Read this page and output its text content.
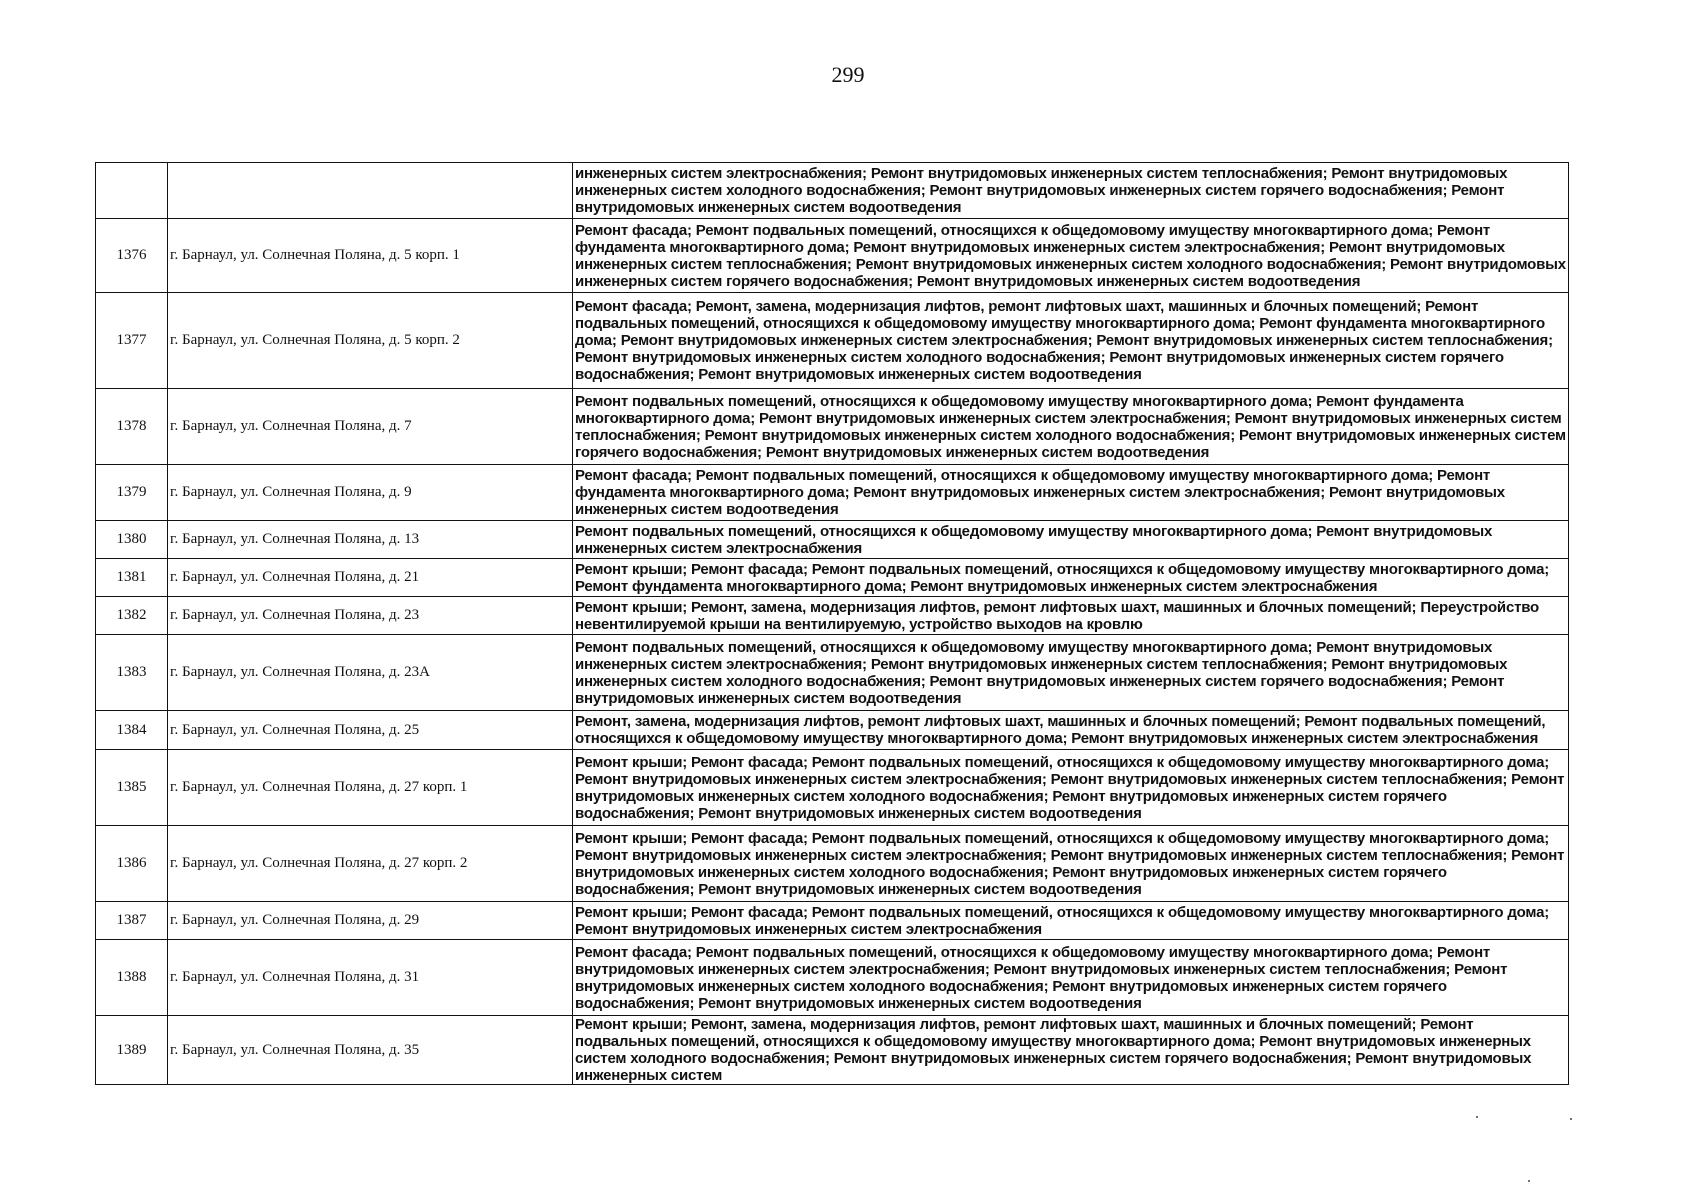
299
		инженерных систем электроснабжения; Ремонт внутридомовых инженерных систем теплоснабжения; Ремонт внутридомовых инженерных систем холодного водоснабжения; Ремонт внутридомовых инженерных систем горячего водоснабжения; Ремонт внутридомовых инженерных систем водоотведения
1376	г. Барнаул, ул. Солнечная Поляна, д. 5 корп. 1	Ремонт фасада; Ремонт подвальных помещений, относящихся к общедомовому имуществу многоквартирного дома; Ремонт фундамента многоквартирного дома; Ремонт внутридомовых инженерных систем электроснабжения; Ремонт внутридомовых инженерных систем теплоснабжения; Ремонт внутридомовых инженерных систем холодного водоснабжения; Ремонт внутридомовых инженерных систем горячего водоснабжения; Ремонт внутридомовых инженерных систем водоотведения
1377	г. Барнаул, ул. Солнечная Поляна, д. 5 корп. 2	Ремонт фасада; Ремонт, замена, модернизация лифтов, ремонт лифтовых шахт, машинных и блочных помещений; Ремонт подвальных помещений, относящихся к общедомовому имуществу многоквартирного дома; Ремонт фундамента многоквартирного дома; Ремонт внутридомовых инженерных систем электроснабжения; Ремонт внутридомовых инженерных систем теплоснабжения; Ремонт внутридомовых инженерных систем холодного водоснабжения; Ремонт внутридомовых инженерных систем горячего водоснабжения; Ремонт внутридомовых инженерных систем водоотведения
1378	г. Барнаул, ул. Солнечная Поляна, д. 7	Ремонт подвальных помещений, относящихся к общедомовому имуществу многоквартирного дома; Ремонт фундамента многоквартирного дома; Ремонт внутридомовых инженерных систем электроснабжения; Ремонт внутридомовых инженерных систем теплоснабжения; Ремонт внутридомовых инженерных систем холодного водоснабжения; Ремонт внутридомовых инженерных систем горячего водоснабжения; Ремонт внутридомовых инженерных систем водоотведения
1379	г. Барнаул, ул. Солнечная Поляна, д. 9	Ремонт фасада; Ремонт подвальных помещений, относящихся к общедомовому имуществу многоквартирного дома; Ремонт фундамента многоквартирного дома; Ремонт внутридомовых инженерных систем электроснабжения; Ремонт внутридомовых инженерных систем водоотведения
1380	г. Барнаул, ул. Солнечная Поляна, д. 13	Ремонт подвальных помещений, относящихся к общедомовому имуществу многоквартирного дома; Ремонт внутридомовых инженерных систем электроснабжения
1381	г. Барнаул, ул. Солнечная Поляна, д. 21	Ремонт крыши; Ремонт фасада; Ремонт подвальных помещений, относящихся к общедомовому имуществу многоквартирного дома; Ремонт фундамента многоквартирного дома; Ремонт внутридомовых инженерных систем электроснабжения
1382	г. Барнаул, ул. Солнечная Поляна, д. 23	Ремонт крыши; Ремонт, замена, модернизация лифтов, ремонт лифтовых шахт, машинных и блочных помещений; Переустройство невентилируемой крыши на вентилируемую, устройство выходов на кровлю
1383	г. Барнаул, ул. Солнечная Поляна, д. 23А	Ремонт подвальных помещений, относящихся к общедомовому имуществу многоквартирного дома; Ремонт внутридомовых инженерных систем электроснабжения; Ремонт внутридомовых инженерных систем теплоснабжения; Ремонт внутридомовых инженерных систем холодного водоснабжения; Ремонт внутридомовых инженерных систем горячего водоснабжения; Ремонт внутридомовых инженерных систем водоотведения
1384	г. Барнаул, ул. Солнечная Поляна, д. 25	Ремонт, замена, модернизация лифтов, ремонт лифтовых шахт, машинных и блочных помещений; Ремонт подвальных помещений, относящихся к общедомовому имуществу многоквартирного дома; Ремонт внутридомовых инженерных систем электроснабжения
1385	г. Барнаул, ул. Солнечная Поляна, д. 27 корп. 1	Ремонт крыши; Ремонт фасада; Ремонт подвальных помещений, относящихся к общедомовому имуществу многоквартирного дома; Ремонт внутридомовых инженерных систем электроснабжения; Ремонт внутридомовых инженерных систем теплоснабжения; Ремонт внутридомовых инженерных систем холодного водоснабжения; Ремонт внутридомовых инженерных систем горячего водоснабжения; Ремонт внутридомовых инженерных систем водоотведения
1386	г. Барнаул, ул. Солнечная Поляна, д. 27 корп. 2	Ремонт крыши; Ремонт фасада; Ремонт подвальных помещений, относящихся к общедомовому имуществу многоквартирного дома; Ремонт внутридомовых инженерных систем электроснабжения; Ремонт внутридомовых инженерных систем теплоснабжения; Ремонт внутридомовых инженерных систем холодного водоснабжения; Ремонт внутридомовых инженерных систем горячего водоснабжения; Ремонт внутридомовых инженерных систем водоотведения
1387	г. Барнаул, ул. Солнечная Поляна, д. 29	Ремонт крыши; Ремонт фасада; Ремонт подвальных помещений, относящихся к общедомовому имуществу многоквартирного дома; Ремонт внутридомовых инженерных систем электроснабжения
1388	г. Барнаул, ул. Солнечная Поляна, д. 31	Ремонт фасада; Ремонт подвальных помещений, относящихся к общедомовому имуществу многоквартирного дома; Ремонт внутридомовых инженерных систем электроснабжения; Ремонт внутридомовых инженерных систем теплоснабжения; Ремонт внутридомовых инженерных систем холодного водоснабжения; Ремонт внутридомовых инженерных систем горячего водоснабжения; Ремонт внутридомовых инженерных систем водоотведения
1389	г. Барнаул, ул. Солнечная Поляна, д. 35	Ремонт крыши; Ремонт, замена, модернизация лифтов, ремонт лифтовых шахт, машинных и блочных помещений; Ремонт подвальных помещений, относящихся к общедомовому имуществу многоквартирного дома; Ремонт внутридомовых инженерных систем холодного водоснабжения; Ремонт внутридомовых инженерных систем горячего водоснабжения; Ремонт внутридомовых инженерных систем
